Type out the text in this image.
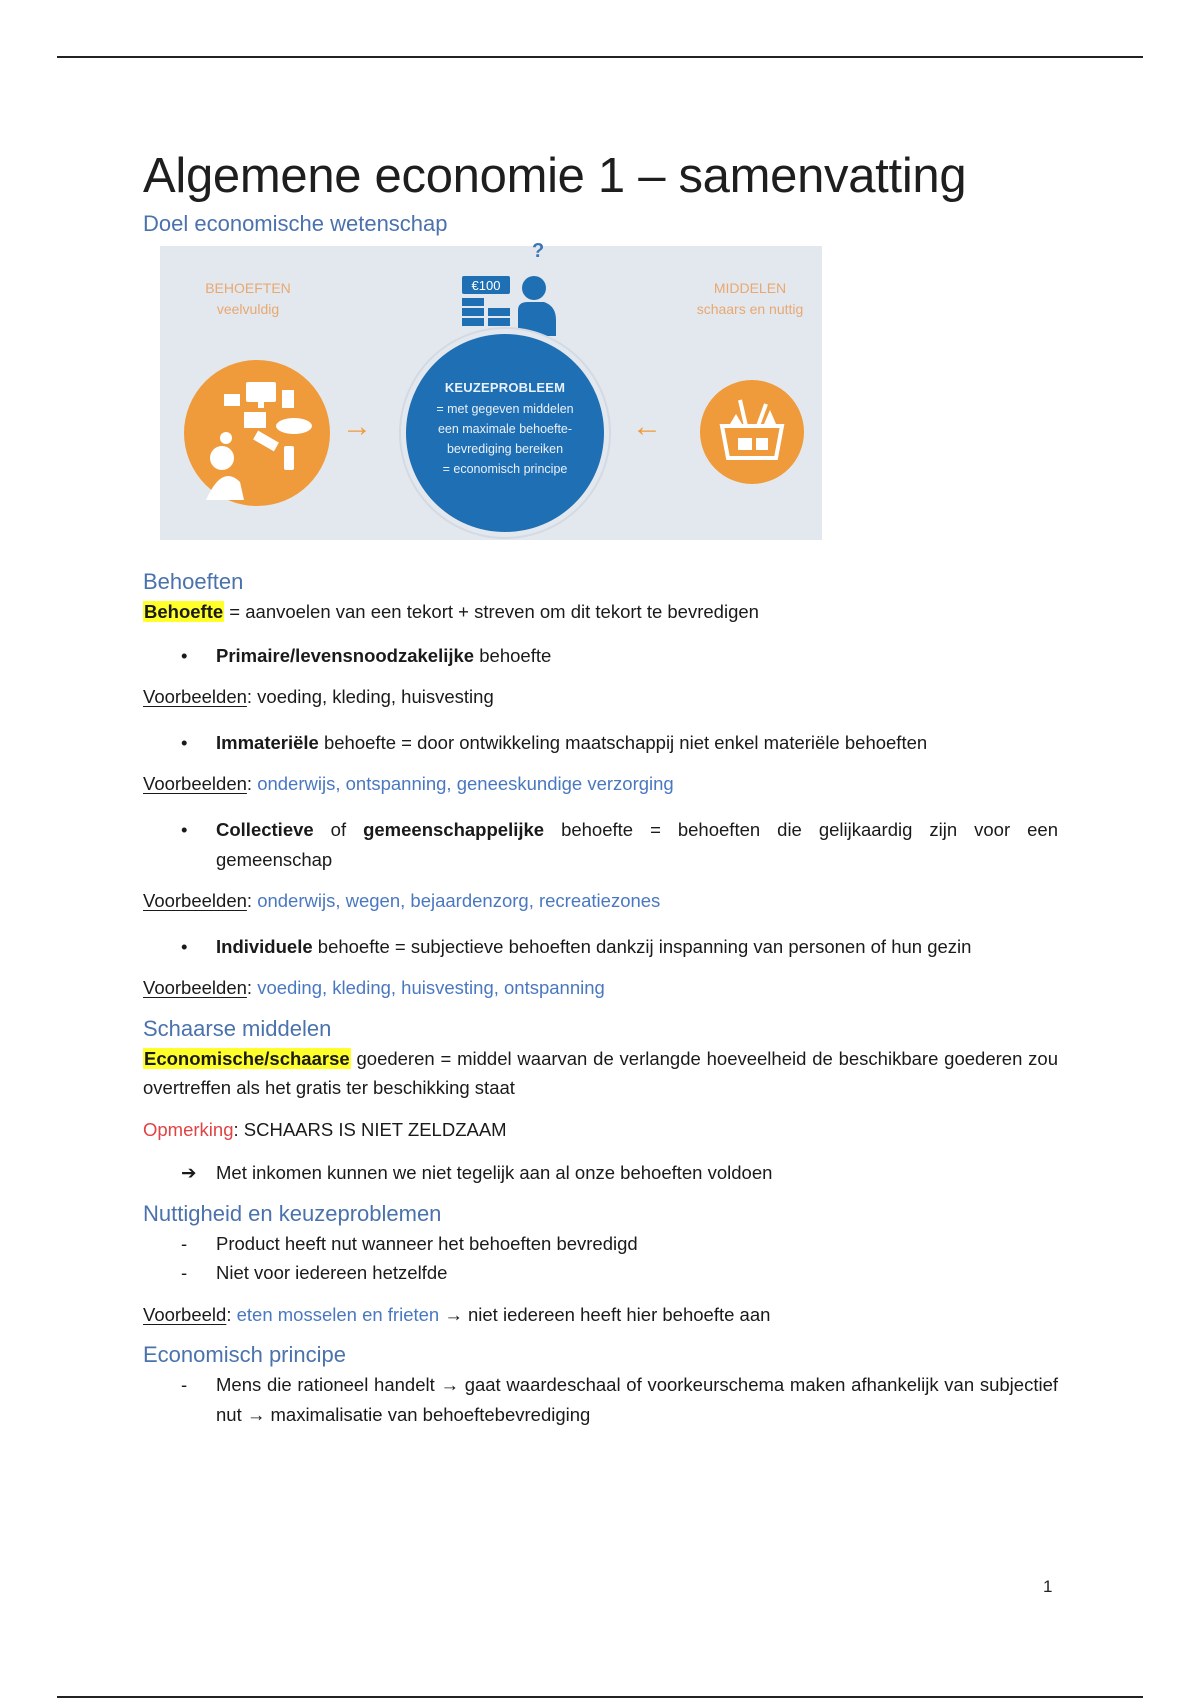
Algemene economie 1 – samenvatting
Doel economische wetenschap
?
BEHOEFTEN
veelvuldig
MIDDELEN
schaars en nuttig
→
€100
KEUZEPROBLEEM
= met gegeven middelen
een maximale behoefte-
bevrediging bereiken
= economisch principe
←
Behoeften

Behoefte = aanvoelen van een tekort + streven om dit tekort te bevredigen

• Primaire/levensnoodzakelijke behoefte

Voorbeelden: voeding, kleding, huisvesting

• Immateriële behoefte = door ontwikkeling maatschappij niet enkel materiële behoeften

Voorbeelden: onderwijs, ontspanning, geneeskundige verzorging

• Collectieve of gemeenschappelijke behoefte = behoeften die gelijkaardig zijn voor een gemeenschap

Voorbeelden: onderwijs, wegen, bejaardenzorg, recreatiezones

• Individuele behoefte = subjectieve behoeften dankzij inspanning van personen of hun gezin

Voorbeelden: voeding, kleding, huisvesting, ontspanning

Schaarse middelen

Economische/schaarse goederen = middel waarvan de verlangde hoeveelheid de beschikbare goederen zou overtreffen als het gratis ter beschikking staat

Opmerking: SCHAARS IS NIET ZELDZAAM

➔ Met inkomen kunnen we niet tegelijk aan al onze behoeften voldoen
Nuttigheid en keuzeproblemen
- Product heeft nut wanneer het behoeften bevredigd
- Niet voor iedereen hetzelfde

Voorbeeld: eten mosselen en frieten → niet iedereen heeft hier behoefte aan

Economisch principe
- Mens die rationeel handelt → gaat waardeschaal of voorkeurschema maken afhankelijk van subjectief nut → maximalisatie van behoeftebevrediging
1
